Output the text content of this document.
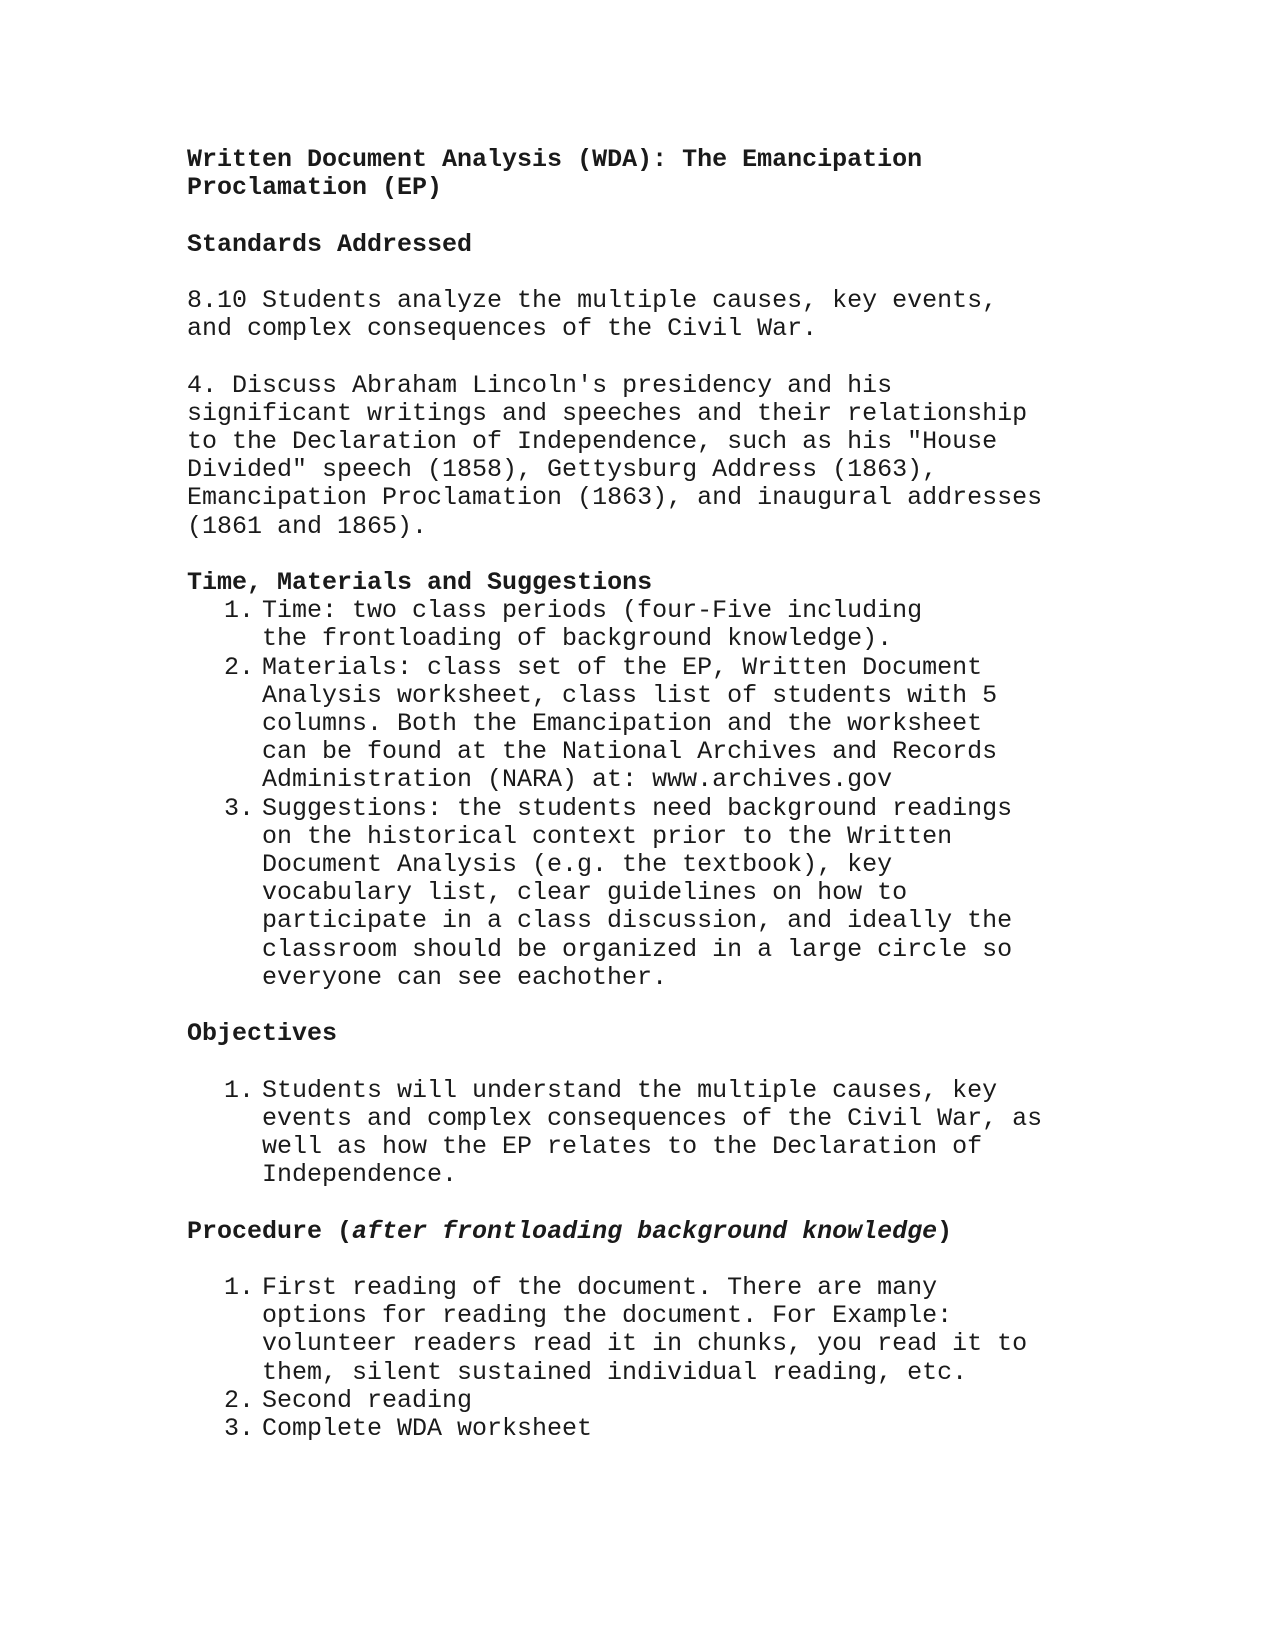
Written Document Analysis (WDA): The Emancipation
Proclamation (EP)
Standards Addressed

8.10 Students analyze the multiple causes, key events, and complex consequences of the Civil War.

4. Discuss Abraham Lincoln's presidency and his significant writings and speeches and their relationship to the Declaration of Independence, such as his "House Divided" speech (1858), Gettysburg Address (1863), Emancipation Proclamation (1863), and inaugural addresses (1861 and 1865).

Time, Materials and Suggestions
1. Time: two class periods (four-Five including the frontloading of background knowledge).
2. Materials: class set of the EP, Written Document Analysis worksheet, class list of students with 5 columns. Both the Emancipation and the worksheet can be found at the National Archives and Records Administration (NARA) at: www.archives.gov
3. Suggestions: the students need background readings on the historical context prior to the Written Document Analysis (e.g. the textbook), key vocabulary list, clear guidelines on how to participate in a class discussion, and ideally the classroom should be organized in a large circle so everyone can see eachother.
Objectives
1. Students will understand the multiple causes, key events and complex consequences of the Civil War, as well as how the EP relates to the Declaration of Independence.
Procedure (after frontloading background knowledge)
1. First reading of the document. There are many options for reading the document. For Example: volunteer readers read it in chunks, you read it to them, silent sustained individual reading, etc.
2. Second reading
3. Complete WDA worksheet
